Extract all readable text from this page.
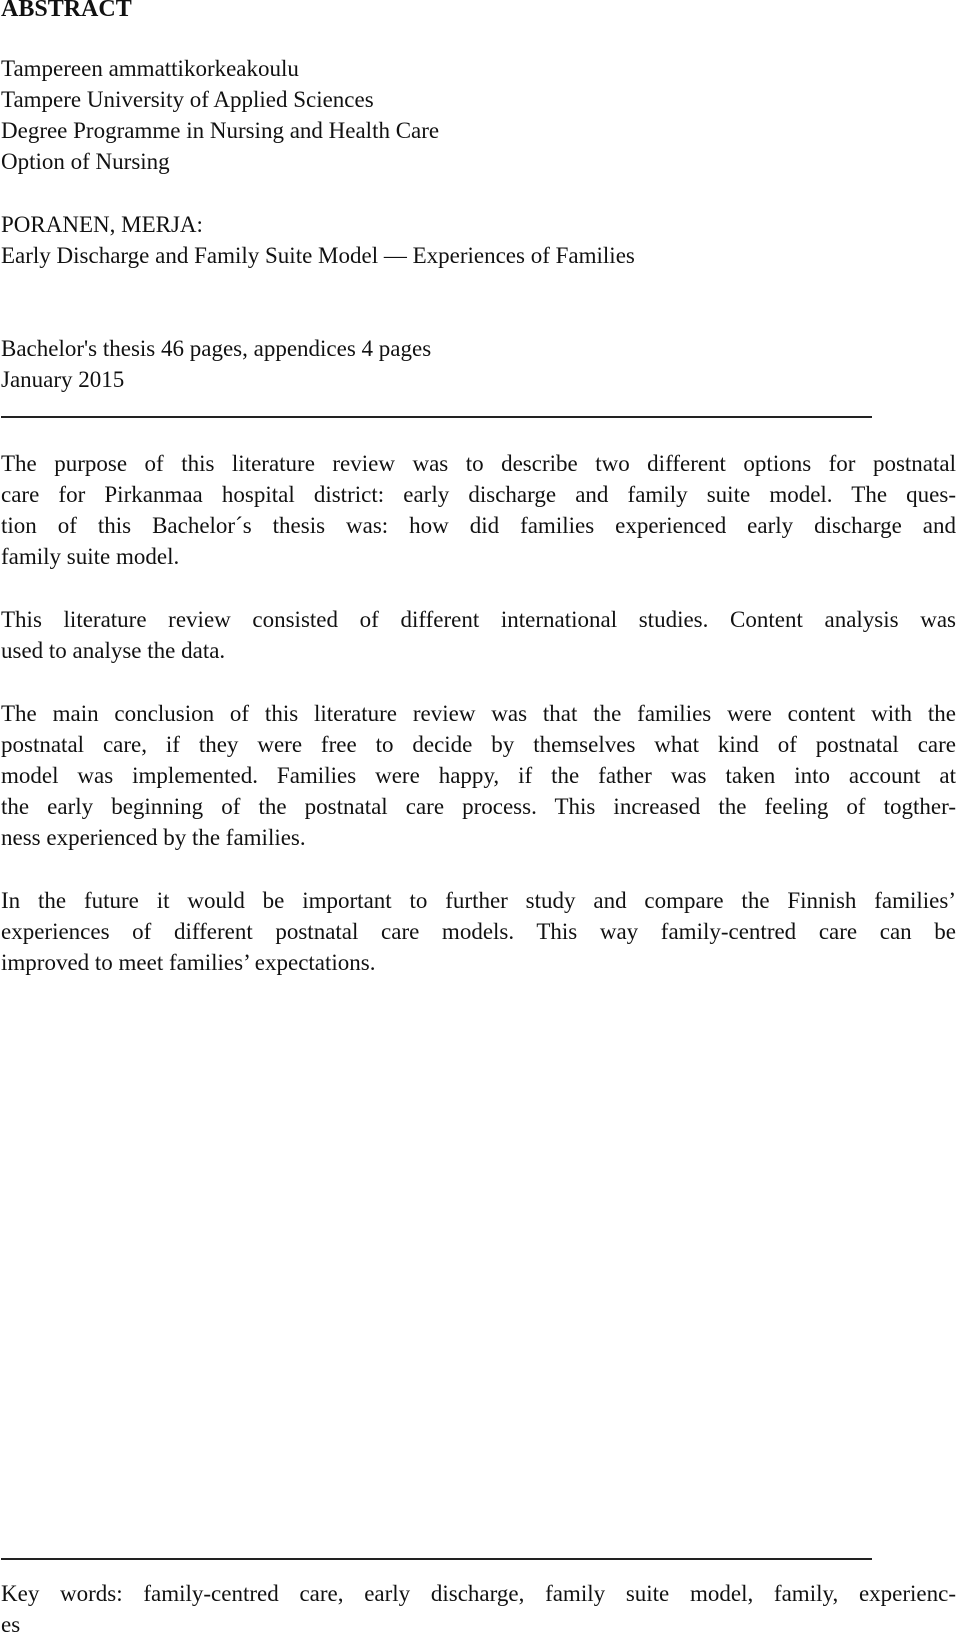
ABSTRACT
Tampereen ammattikorkeakoulu
Tampere University of Applied Sciences
Degree Programme in Nursing and Health Care
Option of Nursing
PORANEN, MERJA:
Early Discharge and Family Suite Model — Experiences of Families
Bachelor's thesis 46 pages, appendices 4 pages
January 2015
The purpose of this literature review was to describe two different options for postnatal
care for Pirkanmaa hospital district: early discharge and family suite model. The ques-
tion of this Bachelor´s thesis was: how did families experienced early discharge and
family suite model.
This literature review consisted of different international studies. Content analysis was
used to analyse the data.
The main conclusion of this literature review was that the families were content with the
postnatal care, if they were free to decide by themselves what kind of postnatal care
model was implemented. Families were happy, if the father was taken into account at
the early beginning of the postnatal care process. This increased the feeling of togther-
ness experienced by the families.
In the future it would be important to further study and compare the Finnish families’
experiences of different postnatal care models. This way family-centred care can be
improved to meet families’ expectations.
Key words: family-centred care, early discharge, family suite model, family, experienc-
es
